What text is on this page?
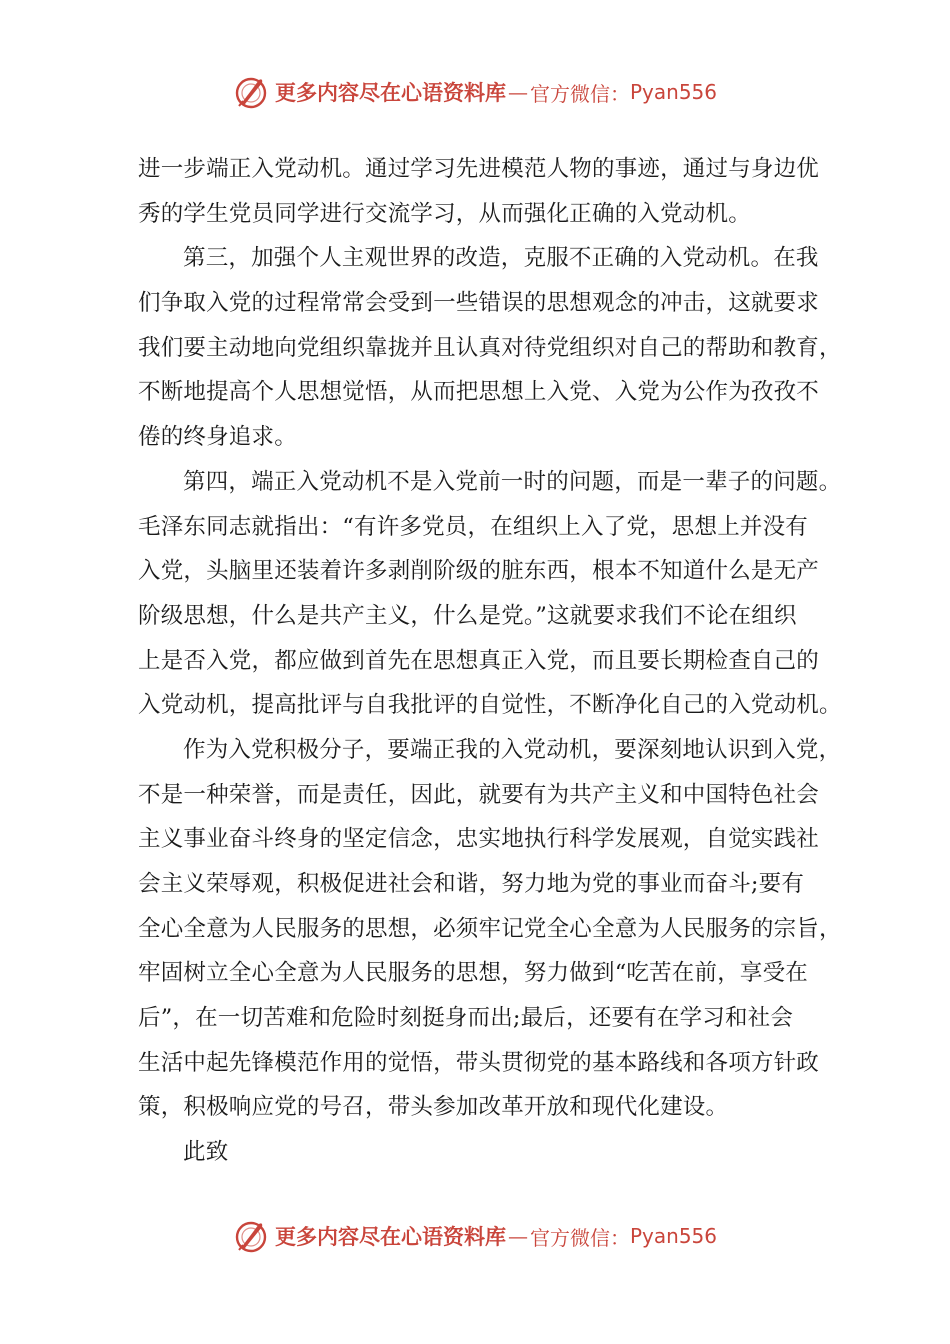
更多内容尽在心语资料库 — 官方微信： Pyan556
进一步端正入党动机。通过学习先进模范人物的事迹，通过与身边优
秀的学生党员同学进行交流学习，从而强化正确的入党动机。
第三，加强个人主观世界的改造，克服不正确的入党动机。在我
们争取入党的过程常常会受到一些错误的思想观念的冲击，这就要求
我们要主动地向党组织靠拢并且认真对待党组织对自己的帮助和教育，
不断地提高个人思想觉悟，从而把思想上入党、入党为公作为孜孜不
倦的终身追求。
第四，端正入党动机不是入党前一时的问题，而是一辈子的问题。
毛泽东同志就指出：“有许多党员，在组织上入了党，思想上并没有
入党，头脑里还装着许多剥削阶级的脏东西，根本不知道什么是无产
阶级思想，什么是共产主义，什么是党。”这就要求我们不论在组织
上是否入党，都应做到首先在思想真正入党，而且要长期检查自己的
入党动机，提高批评与自我批评的自觉性，不断净化自己的入党动机。
作为入党积极分子，要端正我的入党动机，要深刻地认识到入党，
不是一种荣誉，而是责任，因此，就要有为共产主义和中国特色社会
主义事业奋斗终身的坚定信念，忠实地执行科学发展观，自觉实践社
会主义荣辱观，积极促进社会和谐，努力地为党的事业而奋斗;要有
全心全意为人民服务的思想，必须牢记党全心全意为人民服务的宗旨，
牢固树立全心全意为人民服务的思想，努力做到“吃苦在前，享受在
后”，在一切苦难和危险时刻挺身而出;最后，还要有在学习和社会
生活中起先锋模范作用的觉悟，带头贯彻党的基本路线和各项方针政
策，积极响应党的号召，带头参加改革开放和现代化建设。
此致
更多内容尽在心语资料库 — 官方微信： Pyan556
